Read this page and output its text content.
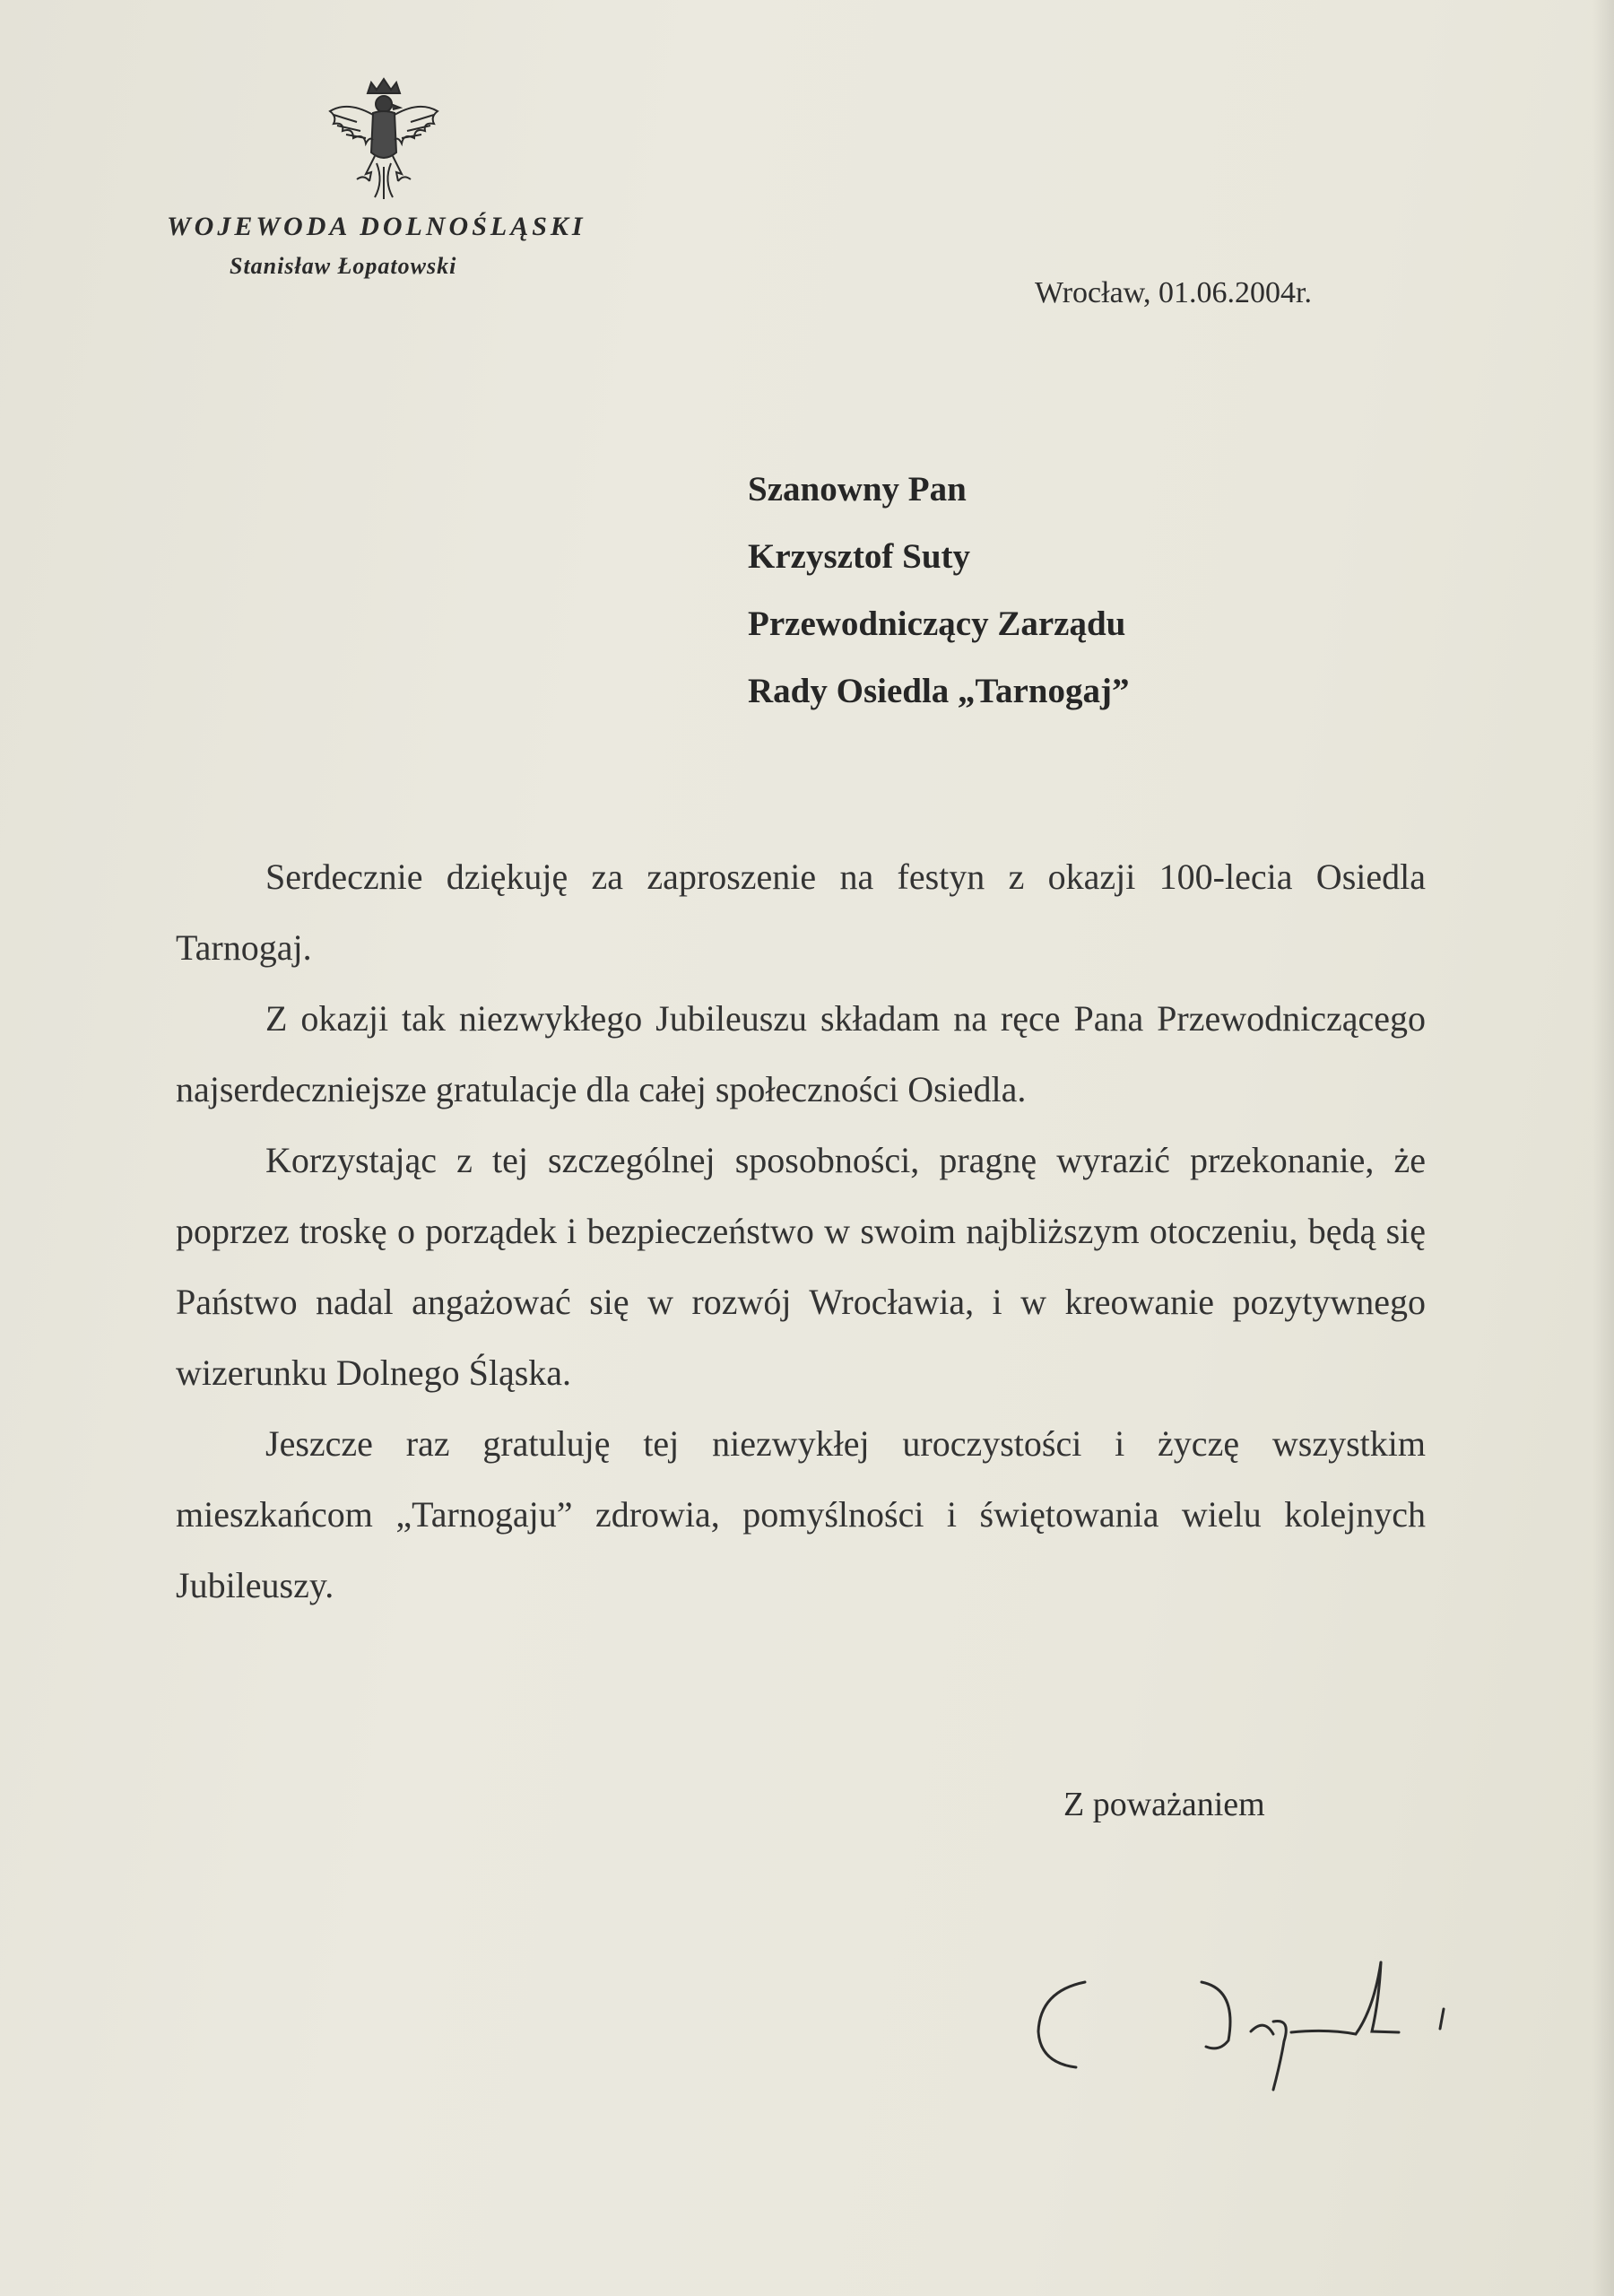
WOJEWODA DOLNOŚLĄSKI
Stanisław Łopatowski
Wrocław, 01.06.2004r.
Szanowny Pan
Krzysztof Suty
Przewodniczący Zarządu
Rady Osiedla „Tarnogaj”

Serdecznie dziękuję za zaproszenie na festyn z okazji 100-lecia Osiedla Tarnogaj.

Z okazji tak niezwykłego Jubileuszu składam na ręce Pana Przewodniczącego najserdeczniejsze gratulacje dla całej społeczności Osiedla.

Korzystając z tej szczególnej sposobności, pragnę wyrazić przekonanie, że poprzez troskę o porządek i bezpieczeństwo w swoim najbliższym otoczeniu, będą się Państwo nadal angażować się w rozwój Wrocławia, i w kreowanie pozytywnego wizerunku Dolnego Śląska.

Jeszcze raz gratuluję tej niezwykłej uroczystości i życzę wszystkim mieszkańcom „Tarnogaju” zdrowia, pomyślności i świętowania wielu kolejnych Jubileuszy.

Z poważaniem
